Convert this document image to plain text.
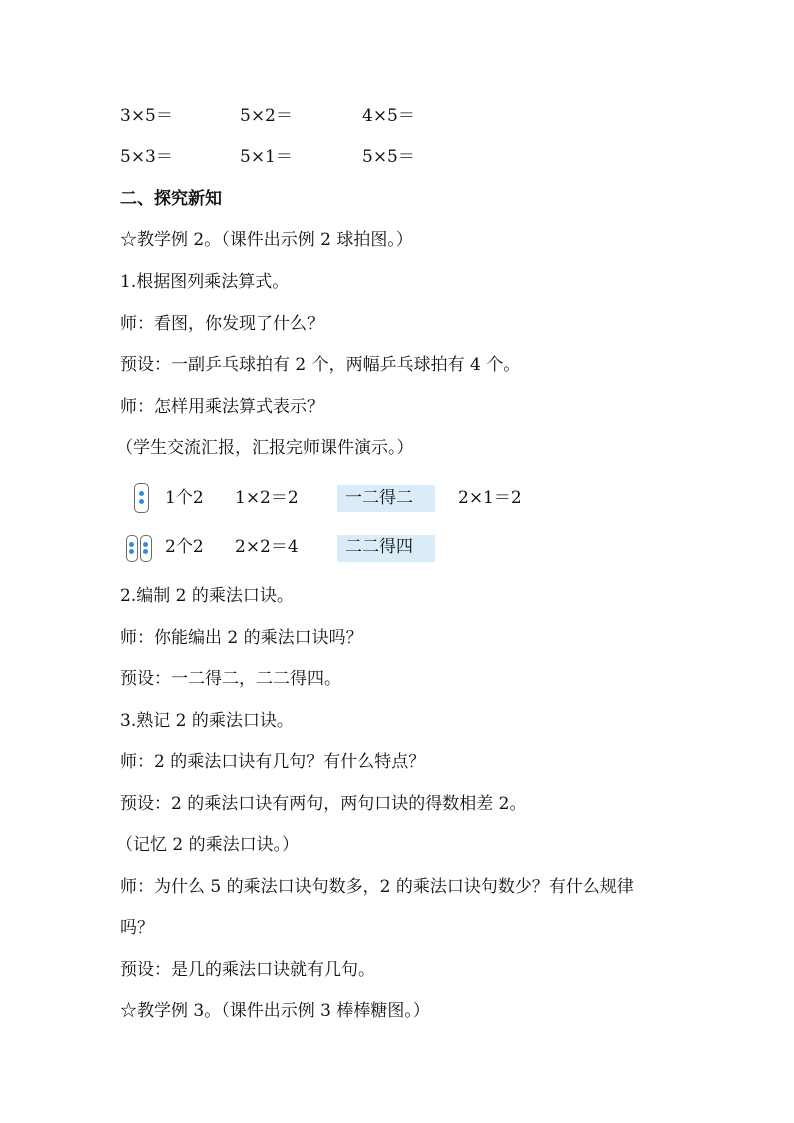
3×5＝	5×2＝	4×5＝
5×3＝	5×1＝	5×5＝
二、探究新知
☆教学例 2。（课件出示例 2 球拍图。）
1.根据图列乘法算式。
师：看图，你发现了什么？
预设：一副乒乓球拍有 2 个，两幅乒乓球拍有 4 个。
师：怎样用乘法算式表示？
（学生交流汇报，汇报完师课件演示。）
1个2 1×2＝2	一二得二	2×1＝2
2个2 2×2＝4	二二得四
2.编制 2 的乘法口诀。
师：你能编出 2 的乘法口诀吗？
预设：一二得二，二二得四。
3.熟记 2 的乘法口诀。
师：2 的乘法口诀有几句？有什么特点？
预设：2 的乘法口诀有两句，两句口诀的得数相差 2。
（记忆 2 的乘法口诀。）
师：为什么 5 的乘法口诀句数多，2 的乘法口诀句数少？有什么规律
吗？
预设：是几的乘法口诀就有几句。
☆教学例 3。（课件出示例 3 棒棒糖图。）
